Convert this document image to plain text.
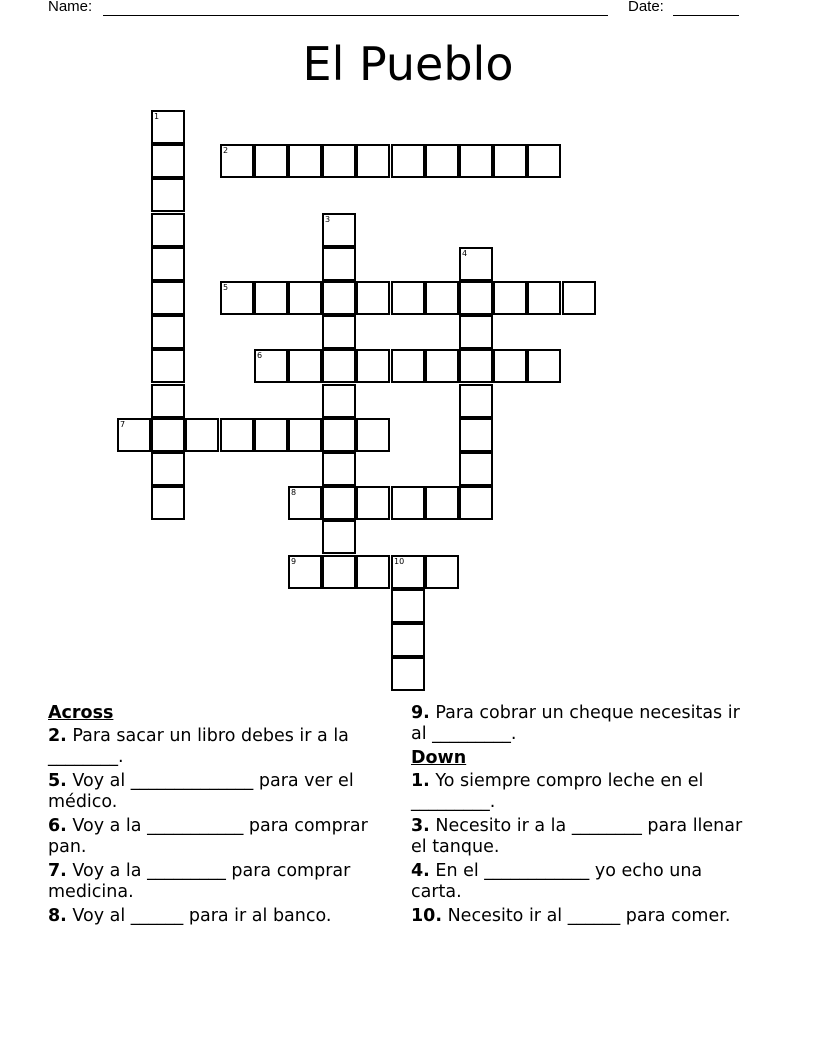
Name:	Date:
El Pueblo
1
2
3
4
5
6
7
8
9	10
Across
2. Para sacar un libro debes ir a la ________.
5. Voy al ______________ para ver el médico.
6. Voy a la ___________ para comprar pan.
7. Voy a la _________ para comprar medicina.
8. Voy al ______ para ir al banco.
9. Para cobrar un cheque necesitas ir al _________.
Down
1. Yo siempre compro leche en el _________.
3. Necesito ir a la ________ para llenar el tanque.
4. En el ____________ yo echo una carta.
10. Necesito ir al ______ para comer.
